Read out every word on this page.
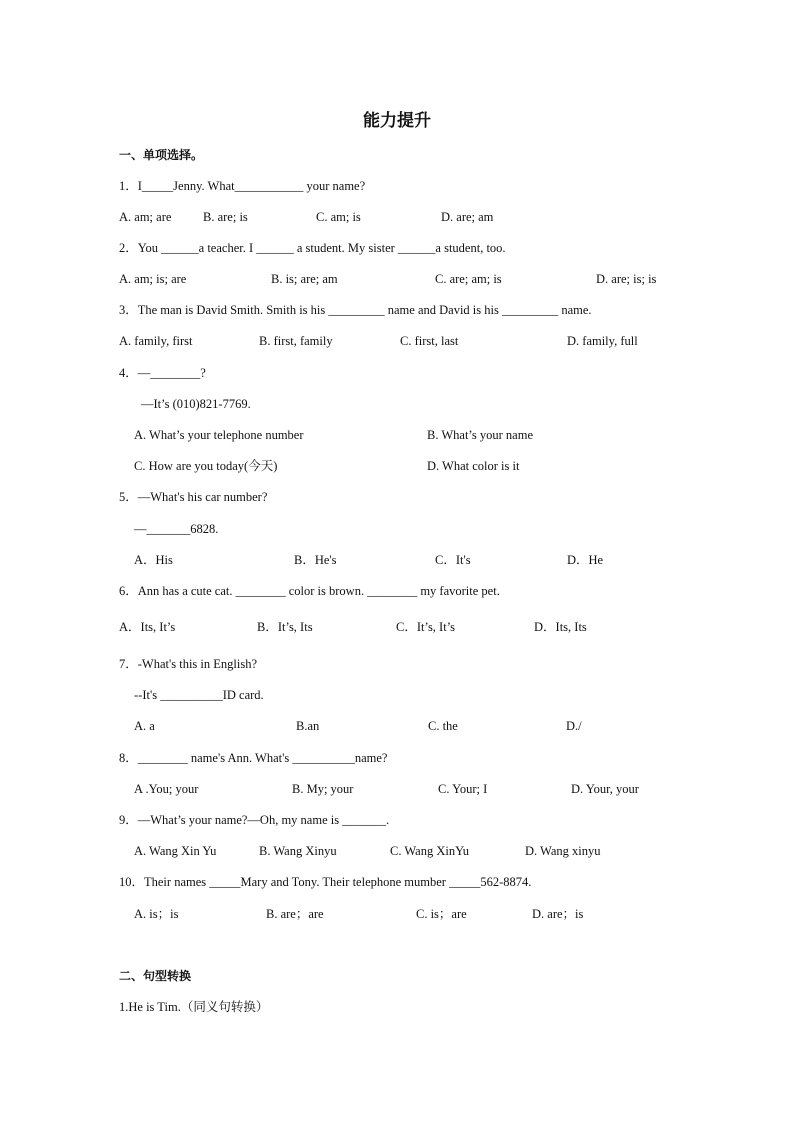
能力提升
一、单项选择。
1．I_____Jenny. What___________ your name?
A. am; are	B. are; is	C. am; is	D. are; am
2．You ______a teacher. I ______ a student. My sister ______a student, too.
A. am; is; are	B. is; are; am	C. are; am; is	D. are; is; is
3．The man is David Smith. Smith is his _________ name and David is his _________ name.
A. family, first	B. first, family	C. first, last	D. family, full
4．—________?
—It’s (010)821-7769.
A. What’s your telephone number	B. What’s your name
C. How are you today(今天)	D. What color is it
5．—What's his car number?
—_______6828.
A．His	B．He's	C．It's	D．He
6．Ann has a cute cat. ________ color is brown. ________ my favorite pet.
A．Its, It’s	B．It’s, Its	C．It’s, It’s	D．Its, Its
7．-What's this in English?
--It's __________ID card.
A. a	B.an	C. the	D./
8．________ name's Ann. What's __________name?
A .You; your	B. My; your	C. Your; I	D. Your, your
9．—What’s your name?—Oh, my name is _______.
A. Wang Xin Yu	B. Wang Xinyu	C. Wang XinYu	D. Wang xinyu
10．Their names _____Mary and Tony. Their telephone mumber _____562-8874.
A. is；is	B. are；are	C. is；are	D. are；is
二、句型转换
1.He is Tim.（同义句转换）
